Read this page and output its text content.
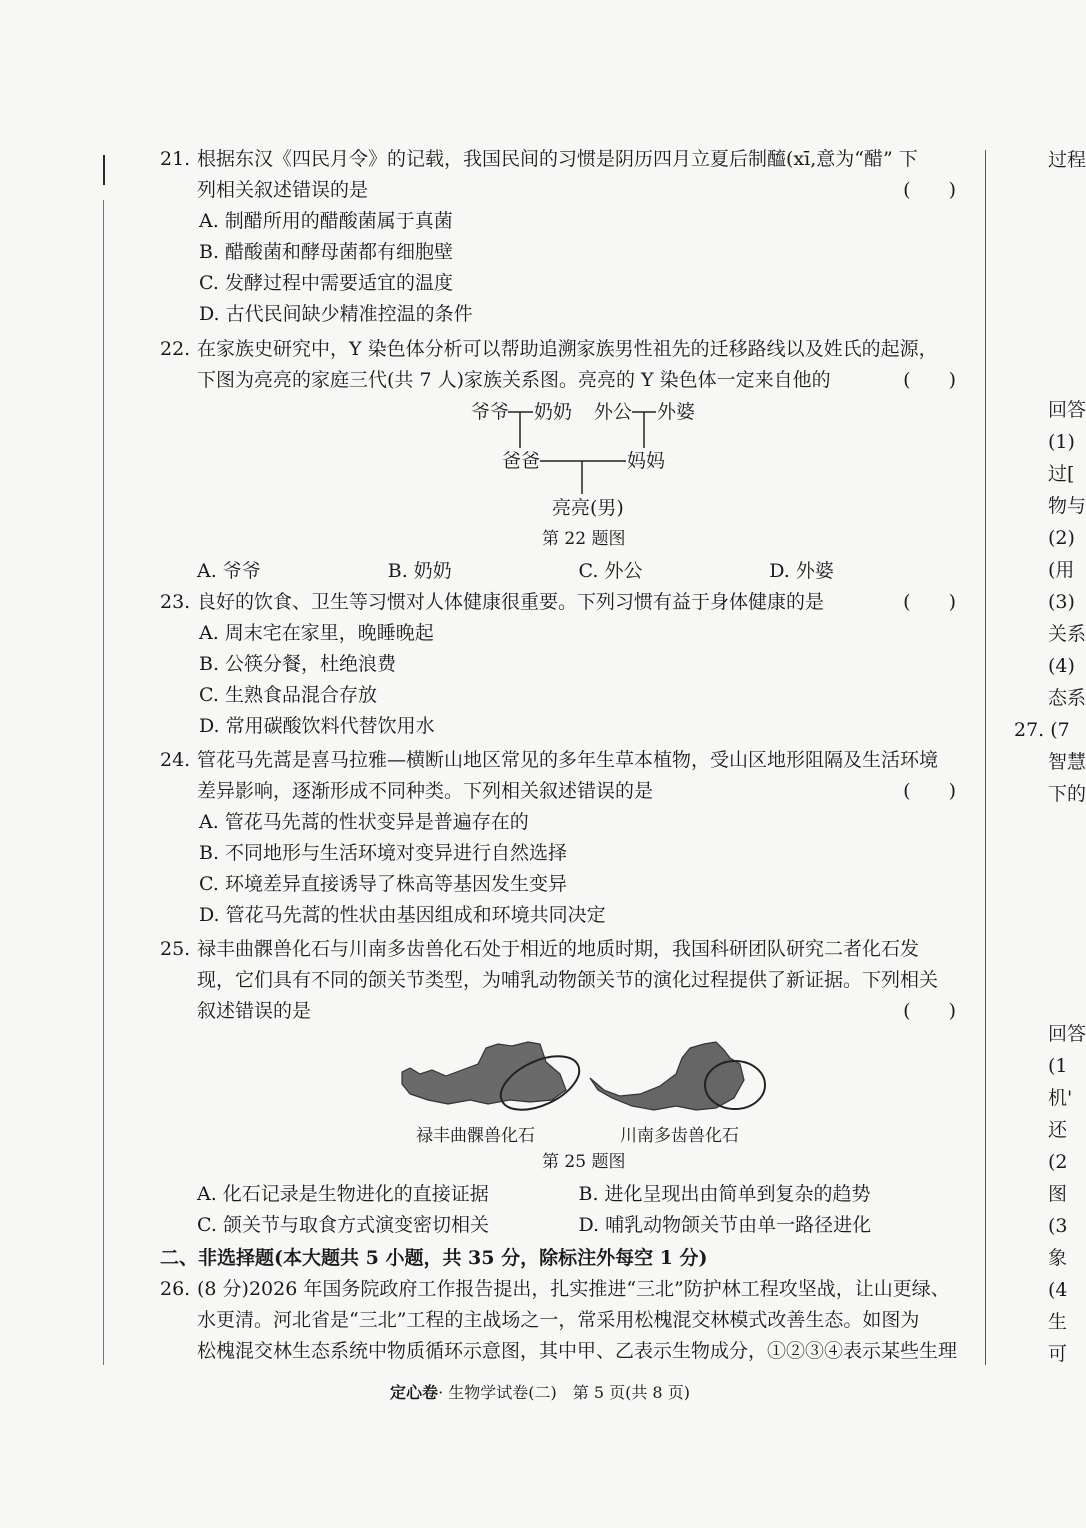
21. 根据东汉《四民月令》的记载，我国民间的习惯是阴历四月立夏后制醯(xī,意为“醋” 下
列相关叙述错误的是	(　　)
A. 制醋所用的醋酸菌属于真菌
B. 醋酸菌和酵母菌都有细胞壁
C. 发酵过程中需要适宜的温度
D. 古代民间缺少精准控温的条件
22. 在家族史研究中，Y 染色体分析可以帮助追溯家族男性祖先的迁移路线以及姓氏的起源，
下图为亮亮的家庭三代(共 7 人)家族关系图。亮亮的 Y 染色体一定来自他的	(　　)
爷爷 奶奶 外公 外婆
爸爸	妈妈
亮亮(男)
第 22 题图
A. 爷爷	B. 奶奶	C. 外公	D. 外婆
23. 良好的饮食、卫生等习惯对人体健康很重要。下列习惯有益于身体健康的是	(　　)
A. 周末宅在家里，晚睡晚起
B. 公筷分餐，杜绝浪费
C. 生熟食品混合存放
D. 常用碳酸饮料代替饮用水
24. 管花马先蒿是喜马拉雅—横断山地区常见的多年生草本植物，受山区地形阻隔及生活环境
差异影响，逐渐形成不同种类。下列相关叙述错误的是	(　　)
A. 管花马先蒿的性状变异是普遍存在的
B. 不同地形与生活环境对变异进行自然选择
C. 环境差异直接诱导了株高等基因发生变异
D. 管花马先蒿的性状由基因组成和环境共同决定
25. 禄丰曲髁兽化石与川南多齿兽化石处于相近的地质时期，我国科研团队研究二者化石发
现，它们具有不同的颌关节类型，为哺乳动物颌关节的演化过程提供了新证据。下列相关
叙述错误的是	(　　)
禄丰曲髁兽化石	川南多齿兽化石
第 25 题图
A. 化石记录是生物进化的直接证据	B. 进化呈现出由简单到复杂的趋势
C. 颌关节与取食方式演变密切相关	D. 哺乳动物颌关节由单一路径进化
二、非选择题(本大题共 5 小题，共 35 分，除标注外每空 1 分)
26. (8 分)2026 年国务院政府工作报告提出，扎实推进“三北”防护林工程攻坚战，让山更绿、
水更清。河北省是“三北”工程的主战场之一，常采用松槐混交林模式改善生态。如图为
松槐混交林生态系统中物质循环示意图，其中甲、乙表示生物成分，①②③④表示某些生理
过程
回答
(1)
过[
物与
(2)
(用
(3)
关系
(4)
态系
27. (7
智慧
下的
回答
(1
机'
还
(2
图
(3
象
(4
生
可
定心卷· 生物学试卷(二)　 第 5 页(共 8 页)
